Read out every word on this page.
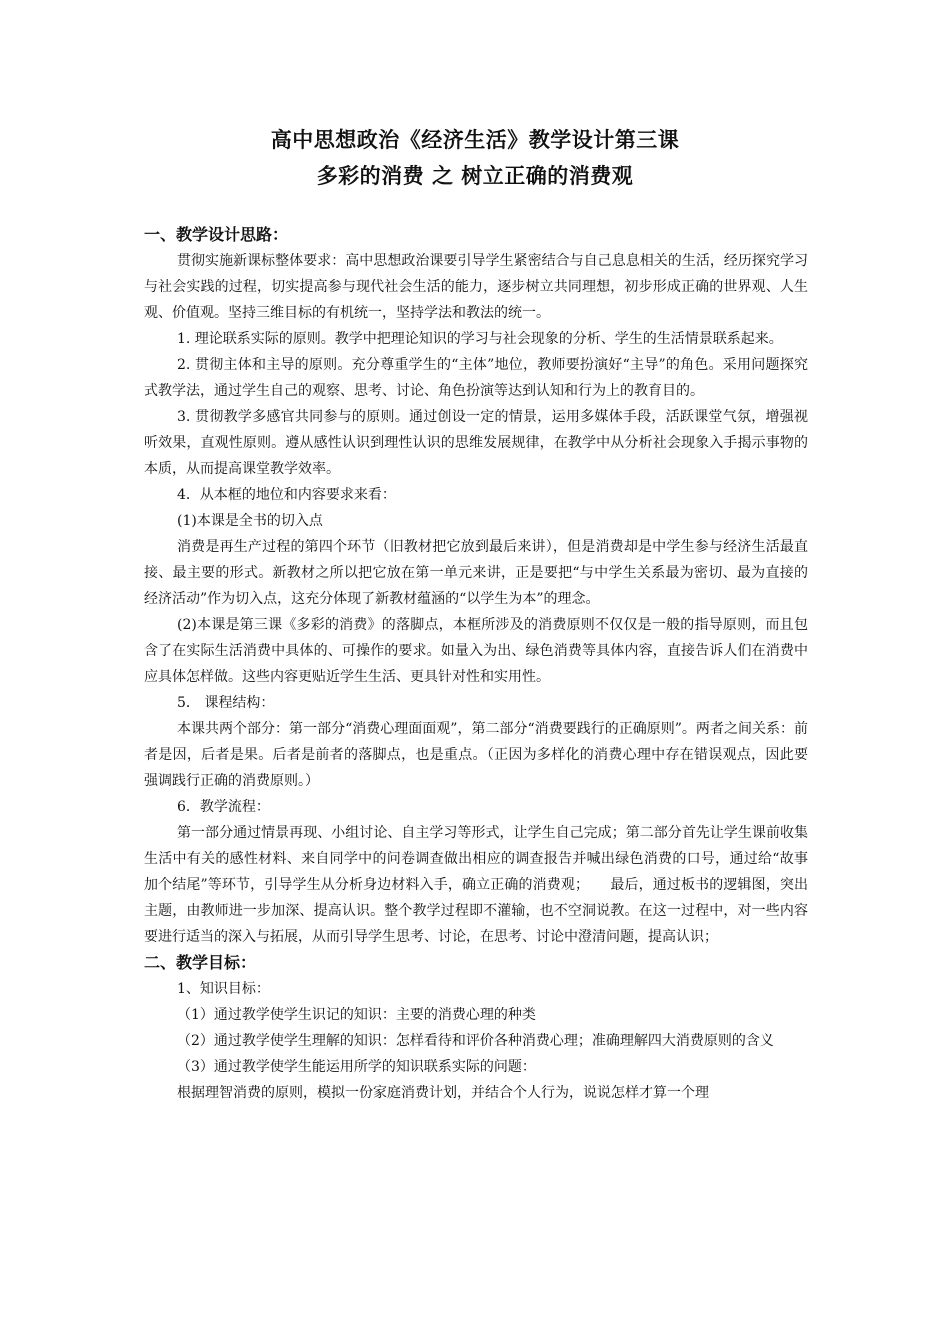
高中思想政治《经济生活》教学设计第三课
多彩的消费 之 树立正确的消费观
一、教学设计思路：

贯彻实施新课标整体要求：高中思想政治课要引导学生紧密结合与自己息息相关的生活，经历探究学习与社会实践的过程，切实提高参与现代社会生活的能力，逐步树立共同理想，初步形成正确的世界观、人生观、价值观。坚持三维目标的有机统一，坚持学法和教法的统一。

1. 理论联系实际的原则。教学中把理论知识的学习与社会现象的分析、学生的生活情景联系起来。

2. 贯彻主体和主导的原则。充分尊重学生的“主体”地位，教师要扮演好“主导”的角色。采用问题探究式教学法，通过学生自己的观察、思考、讨论、角色扮演等达到认知和行为上的教育目的。

3. 贯彻教学多感官共同参与的原则。通过创设一定的情景，运用多媒体手段，活跃课堂气氛，增强视听效果，直观性原则。遵从感性认识到理性认识的思维发展规律，在教学中从分析社会现象入手揭示事物的本质，从而提高课堂教学效率。

4．从本框的地位和内容要求来看：

(1)本课是全书的切入点

消费是再生产过程的第四个环节（旧教材把它放到最后来讲），但是消费却是中学生参与经济生活最直接、最主要的形式。新教材之所以把它放在第一单元来讲，正是要把“与中学生关系最为密切、最为直接的经济活动”作为切入点，这充分体现了新教材蕴涵的“以学生为本”的理念。

(2)本课是第三课《多彩的消费》的落脚点，本框所涉及的消费原则不仅仅是一般的指导原则，而且包含了在实际生活消费中具体的、可操作的要求。如量入为出、绿色消费等具体内容，直接告诉人们在消费中应具体怎样做。这些内容更贴近学生生活、更具针对性和实用性。

5． 课程结构：

本课共两个部分：第一部分“消费心理面面观”，第二部分“消费要践行的正确原则”。两者之间关系：前者是因，后者是果。后者是前者的落脚点，也是重点。（正因为多样化的消费心理中存在错误观点，因此要强调践行正确的消费原则。）

6．教学流程：

第一部分通过情景再现、小组讨论、自主学习等形式，让学生自己完成；第二部分首先让学生课前收集生活中有关的感性材料、来自同学中的问卷调查做出相应的调查报告并喊出绿色消费的口号，通过给“故事加个结尾”等环节，引导学生从分析身边材料入手，确立正确的消费观；　　最后，通过板书的逻辑图，突出主题，由教师进一步加深、提高认识。整个教学过程即不灌输，也不空洞说教。在这一过程中，对一些内容要进行适当的深入与拓展，从而引导学生思考、讨论，在思考、讨论中澄清问题，提高认识；

二、教学目标：

1、知识目标：

（1）通过教学使学生识记的知识：主要的消费心理的种类

（2）通过教学使学生理解的知识：怎样看待和评价各种消费心理；准确理解四大消费原则的含义

（3）通过教学使学生能运用所学的知识联系实际的问题：

根据理智消费的原则，模拟一份家庭消费计划，并结合个人行为，说说怎样才算一个理
